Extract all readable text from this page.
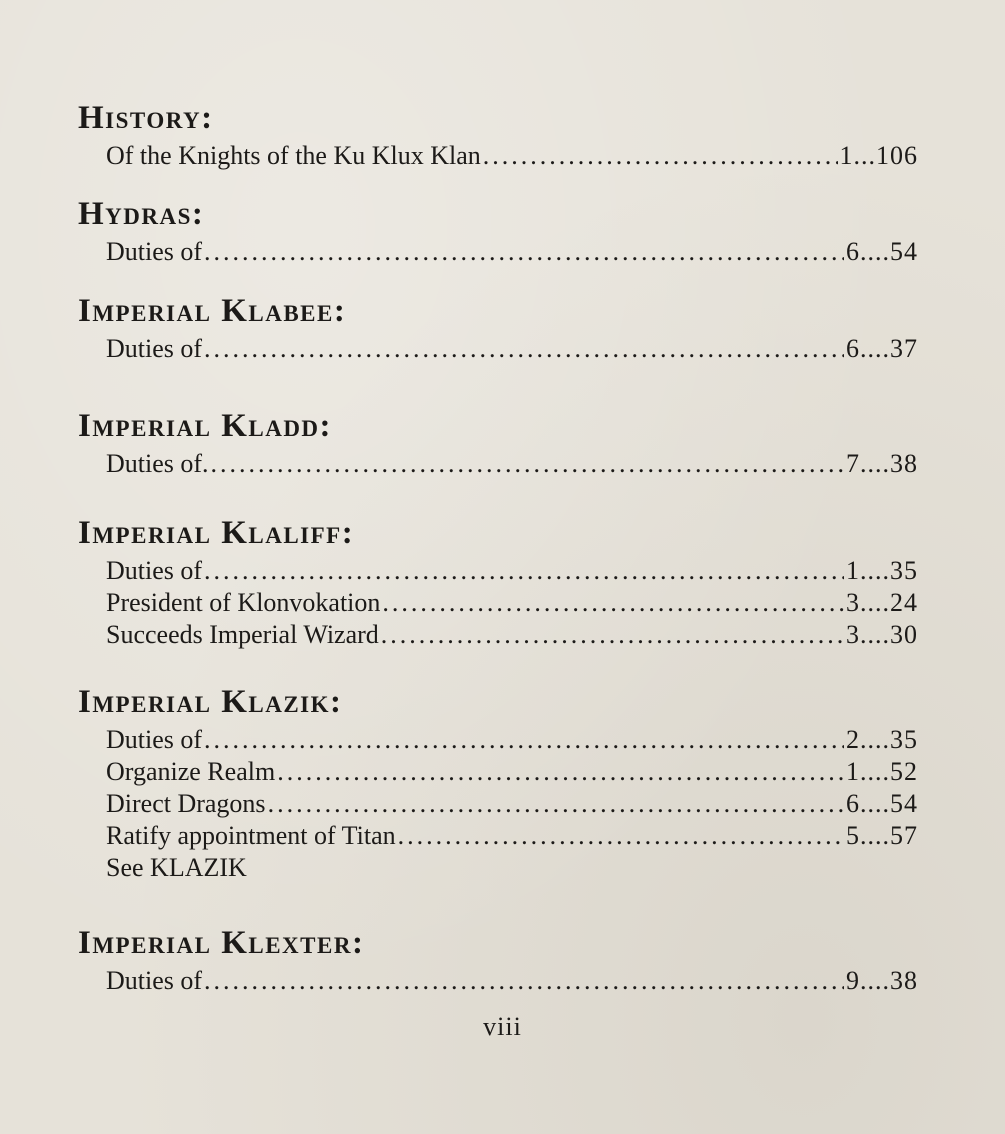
History:
Of the Knights of the Ku Klux Klan .....	1...106
Hydras:
Duties of .....	6....54
Imperial Klabee:
Duties of .....	6....37
Imperial Kladd:
Duties of. .....	7....38
Imperial Klaliff:
Duties of .....	1....35
President of Klonvokation .....	3....24
Succeeds Imperial Wizard .....	3....30
Imperial Klazik:
Duties of .....	2....35
Organize Realm .....	1....52
Direct Dragons .....	6....54
Ratify appointment of Titan .....	5....57
See KLAZIK
Imperial Klexter:
Duties of .....	9....38
viii
